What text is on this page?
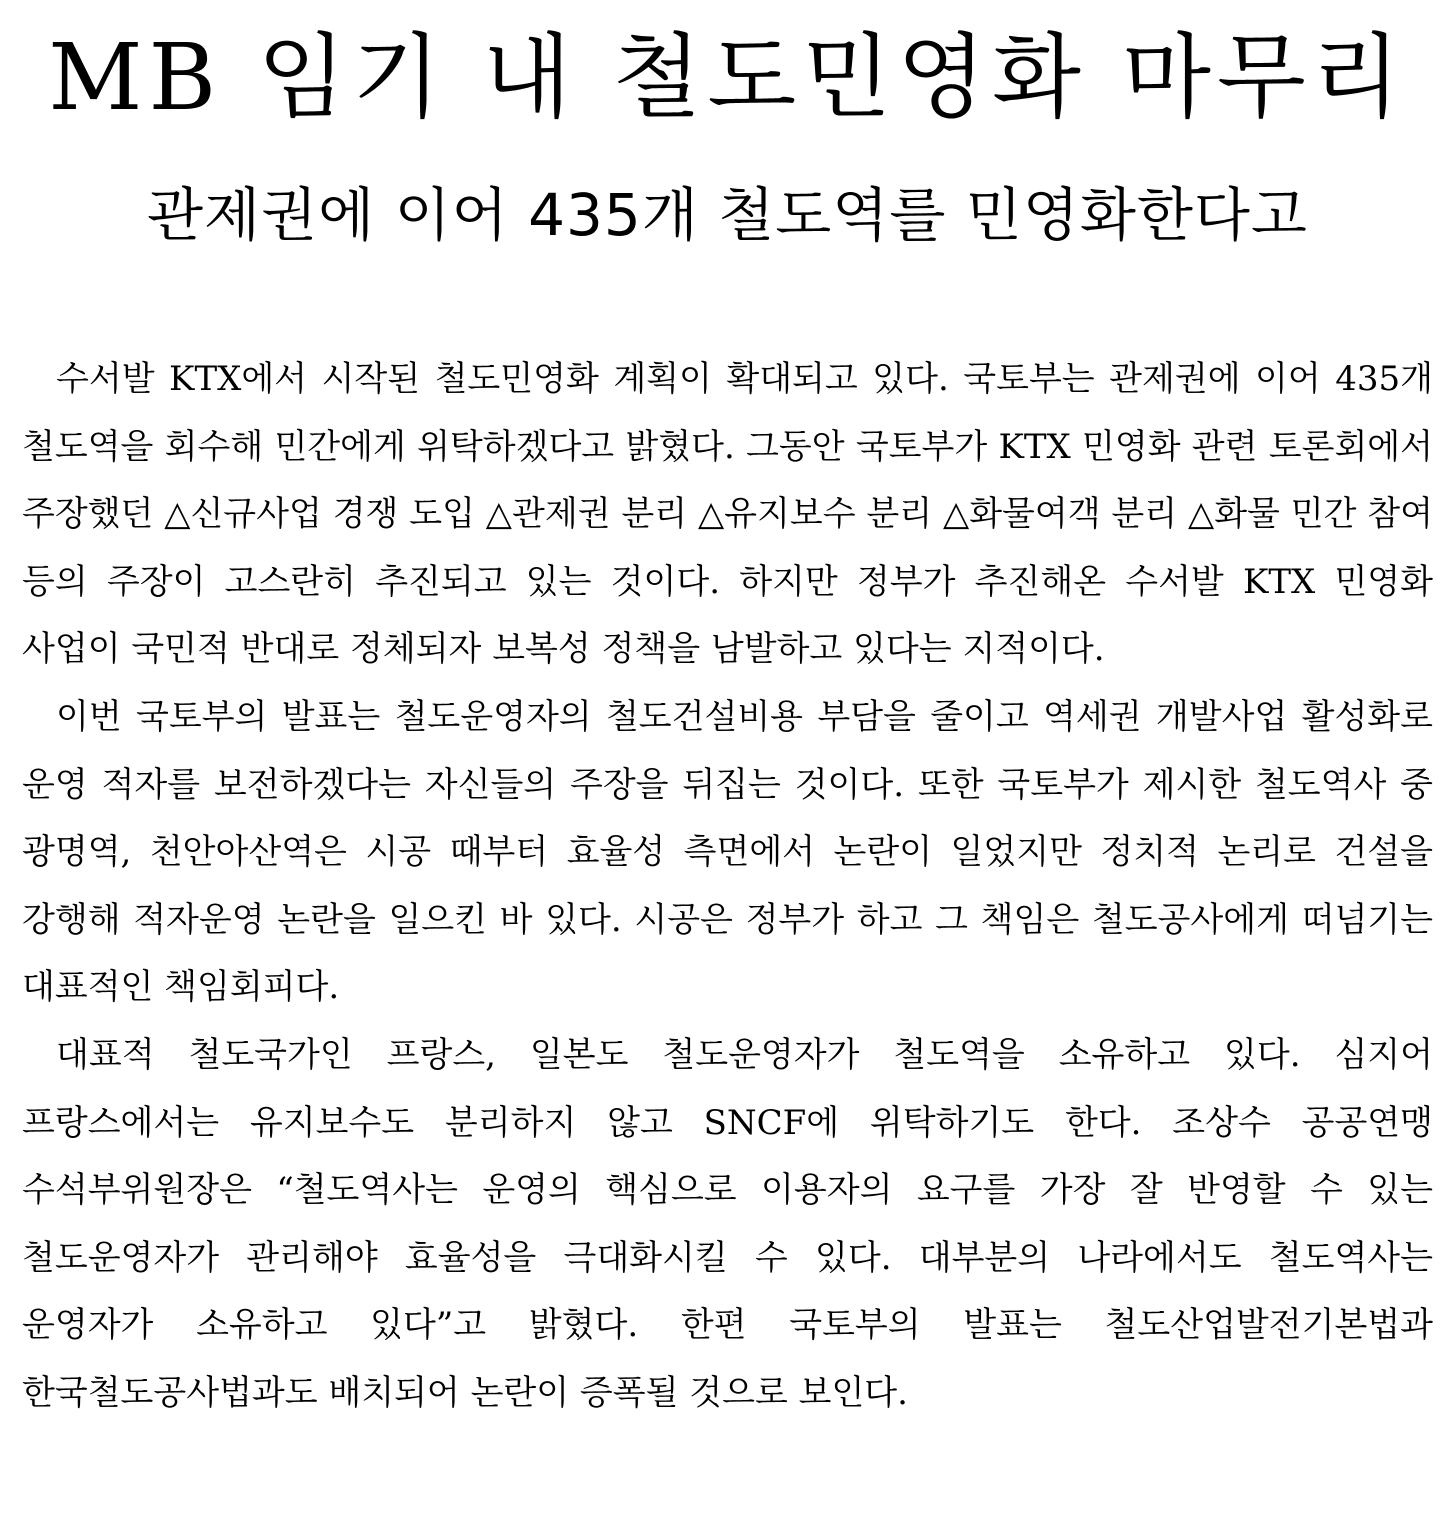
MB 임기 내 철도민영화 마무리
관제권에 이어 435개 철도역를 민영화한다고

수서발 KTX에서 시작된 철도민영화 계획이 확대되고 있다. 국토부는 관제권에 이어 435개 철도역을 회수해 민간에게 위탁하겠다고 밝혔다. 그동안 국토부가 KTX 민영화 관련 토론회에서 주장했던 △신규사업 경쟁 도입 △관제권 분리 △유지보수 분리 △화물여객 분리 △화물 민간 참여 등의 주장이 고스란히 추진되고 있는 것이다. 하지만 정부가 추진해온 수서발 KTX 민영화 사업이 국민적 반대로 정체되자 보복성 정책을 남발하고 있다는 지적이다.

이번 국토부의 발표는 철도운영자의 철도건설비용 부담을 줄이고 역세권 개발사업 활성화로 운영 적자를 보전하겠다는 자신들의 주장을 뒤집는 것이다. 또한 국토부가 제시한 철도역사 중 광명역, 천안아산역은 시공 때부터 효율성 측면에서 논란이 일었지만 정치적 논리로 건설을 강행해 적자운영 논란을 일으킨 바 있다. 시공은 정부가 하고 그 책임은 철도공사에게 떠넘기는 대표적인 책임회피다.

대표적 철도국가인 프랑스, 일본도 철도운영자가 철도역을 소유하고 있다. 심지어 프랑스에서는 유지보수도 분리하지 않고 SNCF에 위탁하기도 한다. 조상수 공공연맹 수석부위원장은 “철도역사는 운영의 핵심으로 이용자의 요구를 가장 잘 반영할 수 있는 철도운영자가 관리해야 효율성을 극대화시킬 수 있다. 대부분의 나라에서도 철도역사는 운영자가 소유하고 있다”고 밝혔다. 한편 국토부의 발표는 철도산업발전기본법과 한국철도공사법과도 배치되어 논란이 증폭될 것으로 보인다.
